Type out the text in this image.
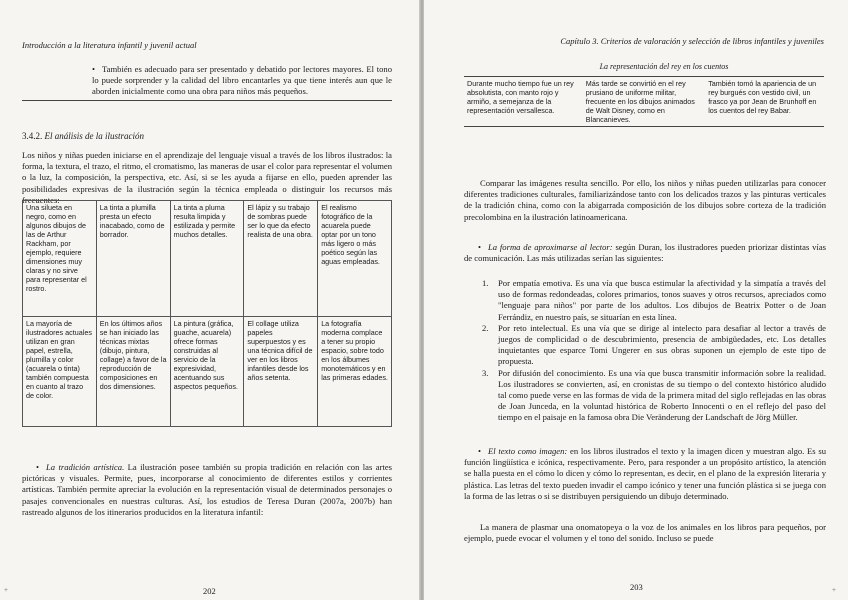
Introducción a la literatura infantil y juvenil actual
• También es adecuado para ser presentado y debatido por lectores mayores. El tono lo puede sorprender y la calidad del libro encantarles ya que tiene interés aun que le aborden inicialmente como una obra para niños más pequeños.
3.4.2. El análisis de la ilustración
Los niños y niñas pueden iniciarse en el aprendizaje del lenguaje visual a través de los libros ilustrados: la forma, la textura, el trazo, el ritmo, el cromatismo, las maneras de usar el color para representar el volumen o la luz, la composición, la perspectiva, etc. Así, si se les ayuda a fijarse en ello, pueden aprender las posibilidades expresivas de la ilustración según la técnica empleada o distinguir los recursos más frecuentes:
Una silueta en negro, como en algunos dibujos de las de Arthur Rackham, por ejemplo, requiere dimensiones muy claras y no sirve para representar el rostro.	La tinta a plumilla presta un efecto inacabado, como de borrador.	La tinta a pluma resulta limpida y estilizada y permite muchos detalles.	El lápiz y su trabajo de sombras puede ser lo que da efecto realista de una obra.	El realismo fotográfico de la acuarela puede optar por un tono más ligero o más poético según las aguas empleadas.
La mayoría de ilustradores actuales utilizan en gran papel, estrella, plumilla y color (acuarela o tinta) también compuesta en cuanto al trazo de color.	En los últimos años se han iniciado las técnicas mixtas (dibujo, pintura, collage) a favor de la reproducción de composiciones en dos dimensiones.	La pintura (gráfica, guache, acuarela) ofrece formas construidas al servicio de la expresividad, acentuando sus aspectos pequeños.	El collage utiliza papeles superpuestos y es una técnica difícil de ver en los libros infantiles desde los años setenta.	La fotografía moderna complace a tener su propio espacio, sobre todo en los álbumes monotemáticos y en las primeras edades.
• La tradición artística. La ilustración posee también su propia tradición en relación con las artes pictóricas y visuales. Permite, pues, incorporarse al conocimiento de diferentes estilos y corrientes artísticas. También permite apreciar la evolución en la representación visual de determinados personajes o pasajes convencionales en nuestras culturas. Así, los estudios de Teresa Duran (2007a, 2007b) han rastreado algunos de los itinerarios producidos en la literatura infantil:
202
+
Capítulo 3. Criterios de valoración y selección de libros infantiles y juveniles
La representación del rey en los cuentos
Durante mucho tiempo fue un rey absolutista, con manto rojo y armiño, a semejanza de la representación versallesca.	Más tarde se convirtió en el rey prusiano de uniforme militar, frecuente en los dibujos animados de Walt Disney, como en Blancanieves.	También tomó la apariencia de un rey burgués con vestido civil, un frasco ya por Jean de Brunhoff en los cuentos del rey Babar.
Comparar las imágenes resulta sencillo. Por ello, los niños y niñas pueden utilizarlas para conocer diferentes tradiciones culturales, familiarizándose tanto con los delicados trazos y las pinturas verticales de la tradición china, como con la abigarrada composición de los dibujos sobre corteza de la tradición precolombina en la ilustración latinoamericana.
• La forma de aproximarse al lector: según Duran, los ilustradores pueden priorizar distintas vías de comunicación. Las más utilizadas serían las siguientes:
1. Por empatía emotiva. Es una vía que busca estimular la afectividad y la simpatía a través del uso de formas redondeadas, colores primarios, tonos suaves y otros recursos, apreciados como "lenguaje para niños" por parte de los adultos. Los dibujos de Beatrix Potter o de Joan Ferrándiz, en nuestro país, se situarían en esta línea.
2. Por reto intelectual. Es una vía que se dirige al intelecto para desafiar al lector a través de juegos de complicidad o de descubrimiento, presencia de ambigüedades, etc. Los detalles inquietantes que esparce Tomi Ungerer en sus obras suponen un ejemplo de este tipo de propuesta.
3. Por difusión del conocimiento. Es una vía que busca transmitir información sobre la realidad. Los ilustradores se convierten, así, en cronistas de su tiempo o del contexto histórico aludido tal como puede verse en las formas de vida de la primera mitad del siglo reflejadas en las obras de Joan Junceda, en la voluntad histórica de Roberto Innocenti o en el reflejo del paso del tiempo en el paisaje en la famosa obra Die Veränderung der Landschaft de Jörg Müller.
• El texto como imagen: en los libros ilustrados el texto y la imagen dicen y muestran algo. Es su función lingüística e icónica, respectivamente. Pero, para responder a un propósito artístico, la atención se halla puesta en el cómo lo dicen y cómo lo representan, es decir, en el plano de la expresión literaria y plástica. Las letras del texto pueden invadir el campo icónico y tener una función plástica si se juega con la forma de las letras o si se distribuyen persiguiendo un dibujo determinado.
La manera de plasmar una onomatopeya o la voz de los animales en los libros para pequeños, por ejemplo, puede evocar el volumen y el tono del sonido. Incluso se puede
203	+
